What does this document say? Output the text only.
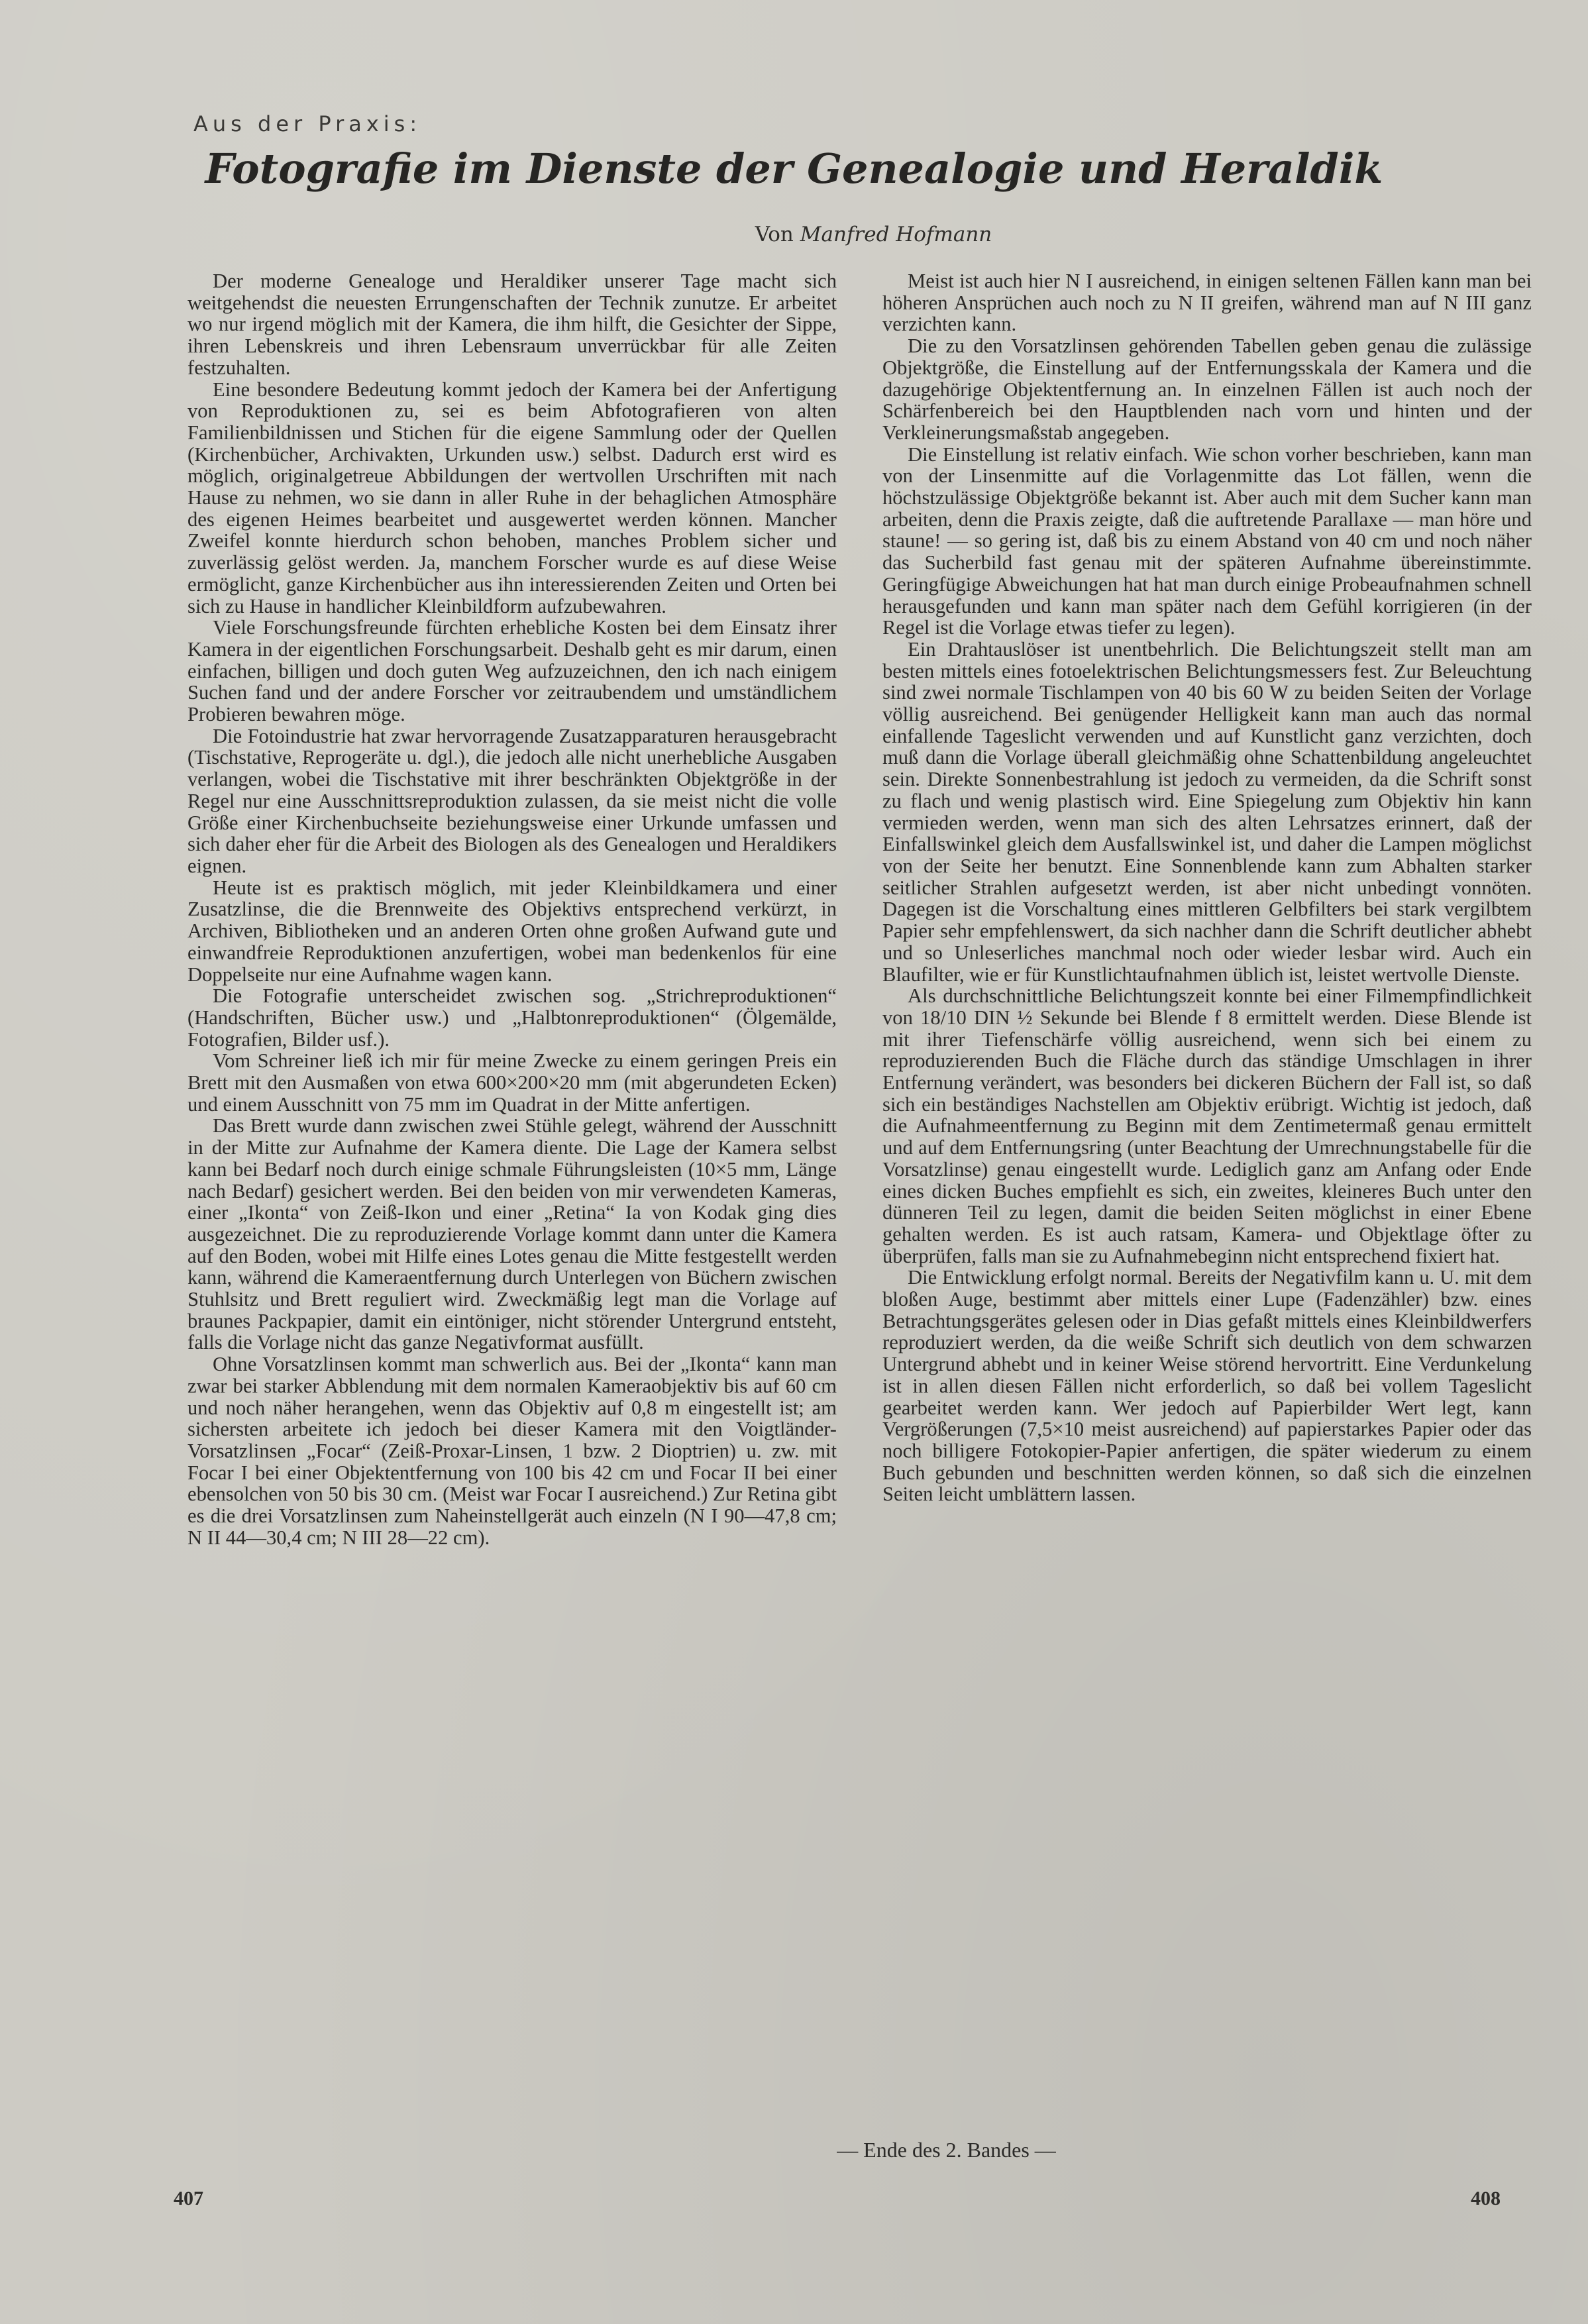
Aus der Praxis:
Fotografie im Dienste der Genealogie und Heraldik
Von Manfred Hofmann

Der moderne Genealoge und Heraldiker unserer Tage macht sich weitgehendst die neuesten Errungenschaften der Technik zunutze. Er arbeitet wo nur irgend möglich mit der Kamera, die ihm hilft, die Gesichter der Sippe, ihren Lebenskreis und ihren Lebensraum unverrückbar für alle Zeiten festzuhalten.

Eine besondere Bedeutung kommt jedoch der Kamera bei der Anfertigung von Reproduktionen zu, sei es beim Abfotografieren von alten Familienbildnissen und Stichen für die eigene Sammlung oder der Quellen (Kirchenbücher, Archivakten, Urkunden usw.) selbst. Dadurch erst wird es möglich, originalgetreue Abbildungen der wertvollen Urschriften mit nach Hause zu nehmen, wo sie dann in aller Ruhe in der behaglichen Atmosphäre des eigenen Heimes bearbeitet und ausgewertet werden können. Mancher Zweifel konnte hierdurch schon behoben, manches Problem sicher und zuverlässig gelöst werden. Ja, manchem Forscher wurde es auf diese Weise ermöglicht, ganze Kirchenbücher aus ihn interessierenden Zeiten und Orten bei sich zu Hause in handlicher Kleinbildform aufzubewahren.

Viele Forschungsfreunde fürchten erhebliche Kosten bei dem Einsatz ihrer Kamera in der eigentlichen Forschungsarbeit. Deshalb geht es mir darum, einen einfachen, billigen und doch guten Weg aufzuzeichnen, den ich nach einigem Suchen fand und der andere Forscher vor zeitraubendem und umständlichem Probieren bewahren möge.

Die Fotoindustrie hat zwar hervorragende Zusatzapparaturen herausgebracht (Tischstative, Reprogeräte u. dgl.), die jedoch alle nicht unerhebliche Ausgaben verlangen, wobei die Tischstative mit ihrer beschränkten Objektgröße in der Regel nur eine Ausschnittsreproduktion zulassen, da sie meist nicht die volle Größe einer Kirchenbuchseite beziehungsweise einer Urkunde umfassen und sich daher eher für die Arbeit des Biologen als des Genealogen und Heraldikers eignen.

Heute ist es praktisch möglich, mit jeder Kleinbildkamera und einer Zusatzlinse, die die Brennweite des Objektivs entsprechend verkürzt, in Archiven, Bibliotheken und an anderen Orten ohne großen Aufwand gute und einwandfreie Reproduktionen anzufertigen, wobei man bedenkenlos für eine Doppelseite nur eine Aufnahme wagen kann.

Die Fotografie unterscheidet zwischen sog. „Strichreproduktionen“ (Handschriften, Bücher usw.) und „Halbtonreproduktionen“ (Ölgemälde, Fotografien, Bilder usf.).

Vom Schreiner ließ ich mir für meine Zwecke zu einem geringen Preis ein Brett mit den Ausmaßen von etwa 600×200×20 mm (mit abgerundeten Ecken) und einem Ausschnitt von 75 mm im Quadrat in der Mitte anfertigen.

Das Brett wurde dann zwischen zwei Stühle gelegt, während der Ausschnitt in der Mitte zur Aufnahme der Kamera diente. Die Lage der Kamera selbst kann bei Bedarf noch durch einige schmale Führungsleisten (10×5 mm, Länge nach Bedarf) gesichert werden. Bei den beiden von mir verwendeten Kameras, einer „Ikonta“ von Zeiß-Ikon und einer „Retina“ Ia von Kodak ging dies ausgezeichnet. Die zu reproduzierende Vorlage kommt dann unter die Kamera auf den Boden, wobei mit Hilfe eines Lotes genau die Mitte festgestellt werden kann, während die Kameraentfernung durch Unterlegen von Büchern zwischen Stuhlsitz und Brett reguliert wird. Zweckmäßig legt man die Vorlage auf braunes Packpapier, damit ein eintöniger, nicht störender Untergrund entsteht, falls die Vorlage nicht das ganze Negativformat ausfüllt.

Ohne Vorsatzlinsen kommt man schwerlich aus. Bei der „Ikonta“ kann man zwar bei starker Abblendung mit dem normalen Kameraobjektiv bis auf 60 cm und noch näher herangehen, wenn das Objektiv auf 0,8 m eingestellt ist; am sichersten arbeitete ich jedoch bei dieser Kamera mit den Voigtländer-Vorsatzlinsen „Focar“ (Zeiß-Proxar-Linsen, 1 bzw. 2 Dioptrien) u. zw. mit Focar I bei einer Objektentfernung von 100 bis 42 cm und Focar II bei einer ebensolchen von 50 bis 30 cm. (Meist war Focar I ausreichend.) Zur Retina gibt es die drei Vorsatzlinsen zum Naheinstellgerät auch einzeln (N I 90—47,8 cm; N II 44—30,4 cm; N III 28—22 cm).

Meist ist auch hier N I ausreichend, in einigen seltenen Fällen kann man bei höheren Ansprüchen auch noch zu N II greifen, während man auf N III ganz verzichten kann.

Die zu den Vorsatzlinsen gehörenden Tabellen geben genau die zulässige Objektgröße, die Einstellung auf der Entfernungsskala der Kamera und die dazugehörige Objektentfernung an. In einzelnen Fällen ist auch noch der Schärfenbereich bei den Hauptblenden nach vorn und hinten und der Verkleinerungsmaßstab angegeben.

Die Einstellung ist relativ einfach. Wie schon vorher beschrieben, kann man von der Linsenmitte auf die Vorlagenmitte das Lot fällen, wenn die höchstzulässige Objektgröße bekannt ist. Aber auch mit dem Sucher kann man arbeiten, denn die Praxis zeigte, daß die auftretende Parallaxe — man höre und staune! — so gering ist, daß bis zu einem Abstand von 40 cm und noch näher das Sucherbild fast genau mit der späteren Aufnahme übereinstimmte. Geringfügige Abweichungen hat hat man durch einige Probeaufnahmen schnell herausgefunden und kann man später nach dem Gefühl korrigieren (in der Regel ist die Vorlage etwas tiefer zu legen).

Ein Drahtauslöser ist unentbehrlich. Die Belichtungszeit stellt man am besten mittels eines fotoelektrischen Belichtungsmessers fest. Zur Beleuchtung sind zwei normale Tischlampen von 40 bis 60 W zu beiden Seiten der Vorlage völlig ausreichend. Bei genügender Helligkeit kann man auch das normal einfallende Tageslicht verwenden und auf Kunstlicht ganz verzichten, doch muß dann die Vorlage überall gleichmäßig ohne Schattenbildung angeleuchtet sein. Direkte Sonnenbestrahlung ist jedoch zu vermeiden, da die Schrift sonst zu flach und wenig plastisch wird. Eine Spiegelung zum Objektiv hin kann vermieden werden, wenn man sich des alten Lehrsatzes erinnert, daß der Einfallswinkel gleich dem Ausfallswinkel ist, und daher die Lampen möglichst von der Seite her benutzt. Eine Sonnenblende kann zum Abhalten starker seitlicher Strahlen aufgesetzt werden, ist aber nicht unbedingt vonnöten. Dagegen ist die Vorschaltung eines mittleren Gelbfilters bei stark vergilbtem Papier sehr empfehlenswert, da sich nachher dann die Schrift deutlicher abhebt und so Unleserliches manchmal noch oder wieder lesbar wird. Auch ein Blaufilter, wie er für Kunstlichtaufnahmen üblich ist, leistet wertvolle Dienste.

Als durchschnittliche Belichtungszeit konnte bei einer Filmempfindlichkeit von 18/10 DIN ½ Sekunde bei Blende f 8 ermittelt werden. Diese Blende ist mit ihrer Tiefenschärfe völlig ausreichend, wenn sich bei einem zu reproduzierenden Buch die Fläche durch das ständige Umschlagen in ihrer Entfernung verändert, was besonders bei dickeren Büchern der Fall ist, so daß sich ein beständiges Nachstellen am Objektiv erübrigt. Wichtig ist jedoch, daß die Aufnahmeentfernung zu Beginn mit dem Zentimetermaß genau ermittelt und auf dem Entfernungsring (unter Beachtung der Umrechnungstabelle für die Vorsatzlinse) genau eingestellt wurde. Lediglich ganz am Anfang oder Ende eines dicken Buches empfiehlt es sich, ein zweites, kleineres Buch unter den dünneren Teil zu legen, damit die beiden Seiten möglichst in einer Ebene gehalten werden. Es ist auch ratsam, Kamera- und Objektlage öfter zu überprüfen, falls man sie zu Aufnahmebeginn nicht entsprechend fixiert hat.

Die Entwicklung erfolgt normal. Bereits der Negativfilm kann u. U. mit dem bloßen Auge, bestimmt aber mittels einer Lupe (Fadenzähler) bzw. eines Betrachtungsgerätes gelesen oder in Dias gefaßt mittels eines Kleinbildwerfers reproduziert werden, da die weiße Schrift sich deutlich von dem schwarzen Untergrund abhebt und in keiner Weise störend hervortritt. Eine Verdunkelung ist in allen diesen Fällen nicht erforderlich, so daß bei vollem Tageslicht gearbeitet werden kann. Wer jedoch auf Papierbilder Wert legt, kann Vergrößerungen (7,5×10 meist ausreichend) auf papierstarkes Papier oder das noch billigere Fotokopier-Papier anfertigen, die später wiederum zu einem Buch gebunden und beschnitten werden können, so daß sich die einzelnen Seiten leicht umblättern lassen.

— Ende des 2. Bandes —
407	408
